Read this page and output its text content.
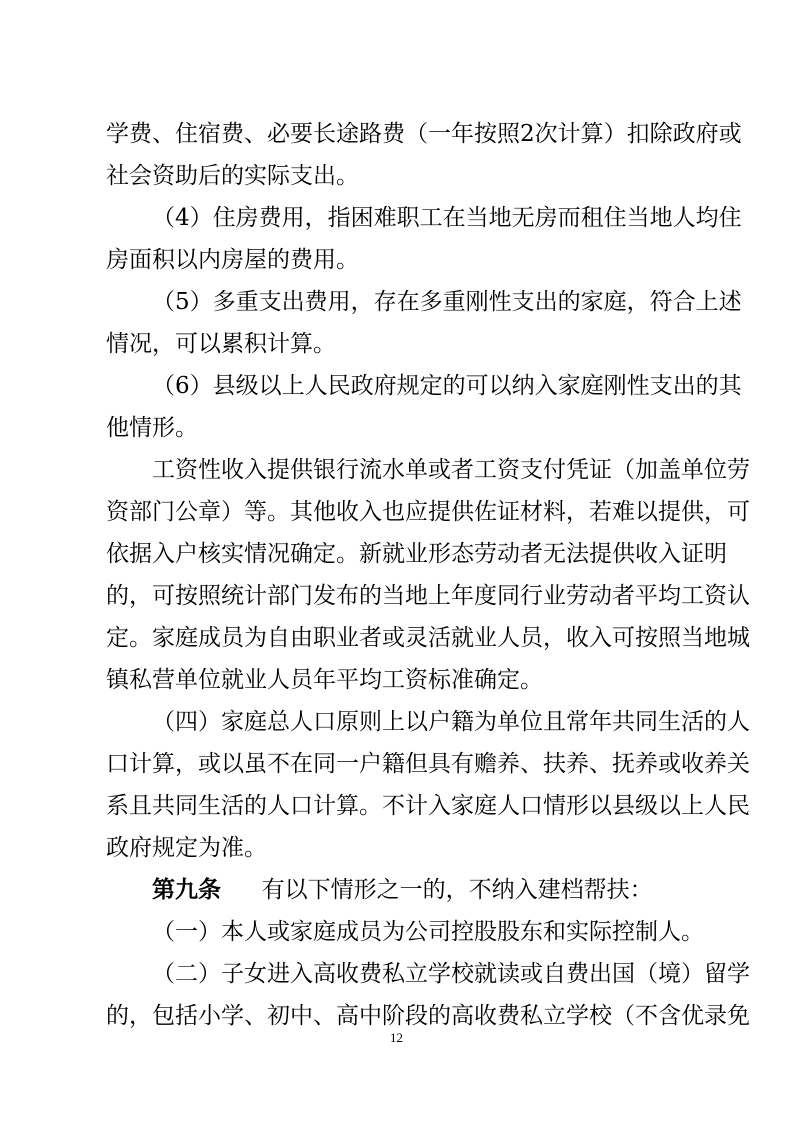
学费、住宿费、必要长途路费（一年按照2次计算）扣除政府或
社会资助后的实际支出。
（4）住房费用，指困难职工在当地无房而租住当地人均住
房面积以内房屋的费用。
（5）多重支出费用，存在多重刚性支出的家庭，符合上述
情况，可以累积计算。
（6）县级以上人民政府规定的可以纳入家庭刚性支出的其
他情形。
工资性收入提供银行流水单或者工资支付凭证（加盖单位劳
资部门公章）等。其他收入也应提供佐证材料，若难以提供，可
依据入户核实情况确定。新就业形态劳动者无法提供收入证明
的，可按照统计部门发布的当地上年度同行业劳动者平均工资认
定。家庭成员为自由职业者或灵活就业人员，收入可按照当地城
镇私营单位就业人员年平均工资标准确定。
（四）家庭总人口原则上以户籍为单位且常年共同生活的人
口计算，或以虽不在同一户籍但具有赡养、扶养、抚养或收养关
系且共同生活的人口计算。不计入家庭人口情形以县级以上人民
政府规定为准。
第九条 有以下情形之一的，不纳入建档帮扶：
（一）本人或家庭成员为公司控股股东和实际控制人。
（二）子女进入高收费私立学校就读或自费出国（境）留学
的，包括小学、初中、高中阶段的高收费私立学校（不含优录免
12
